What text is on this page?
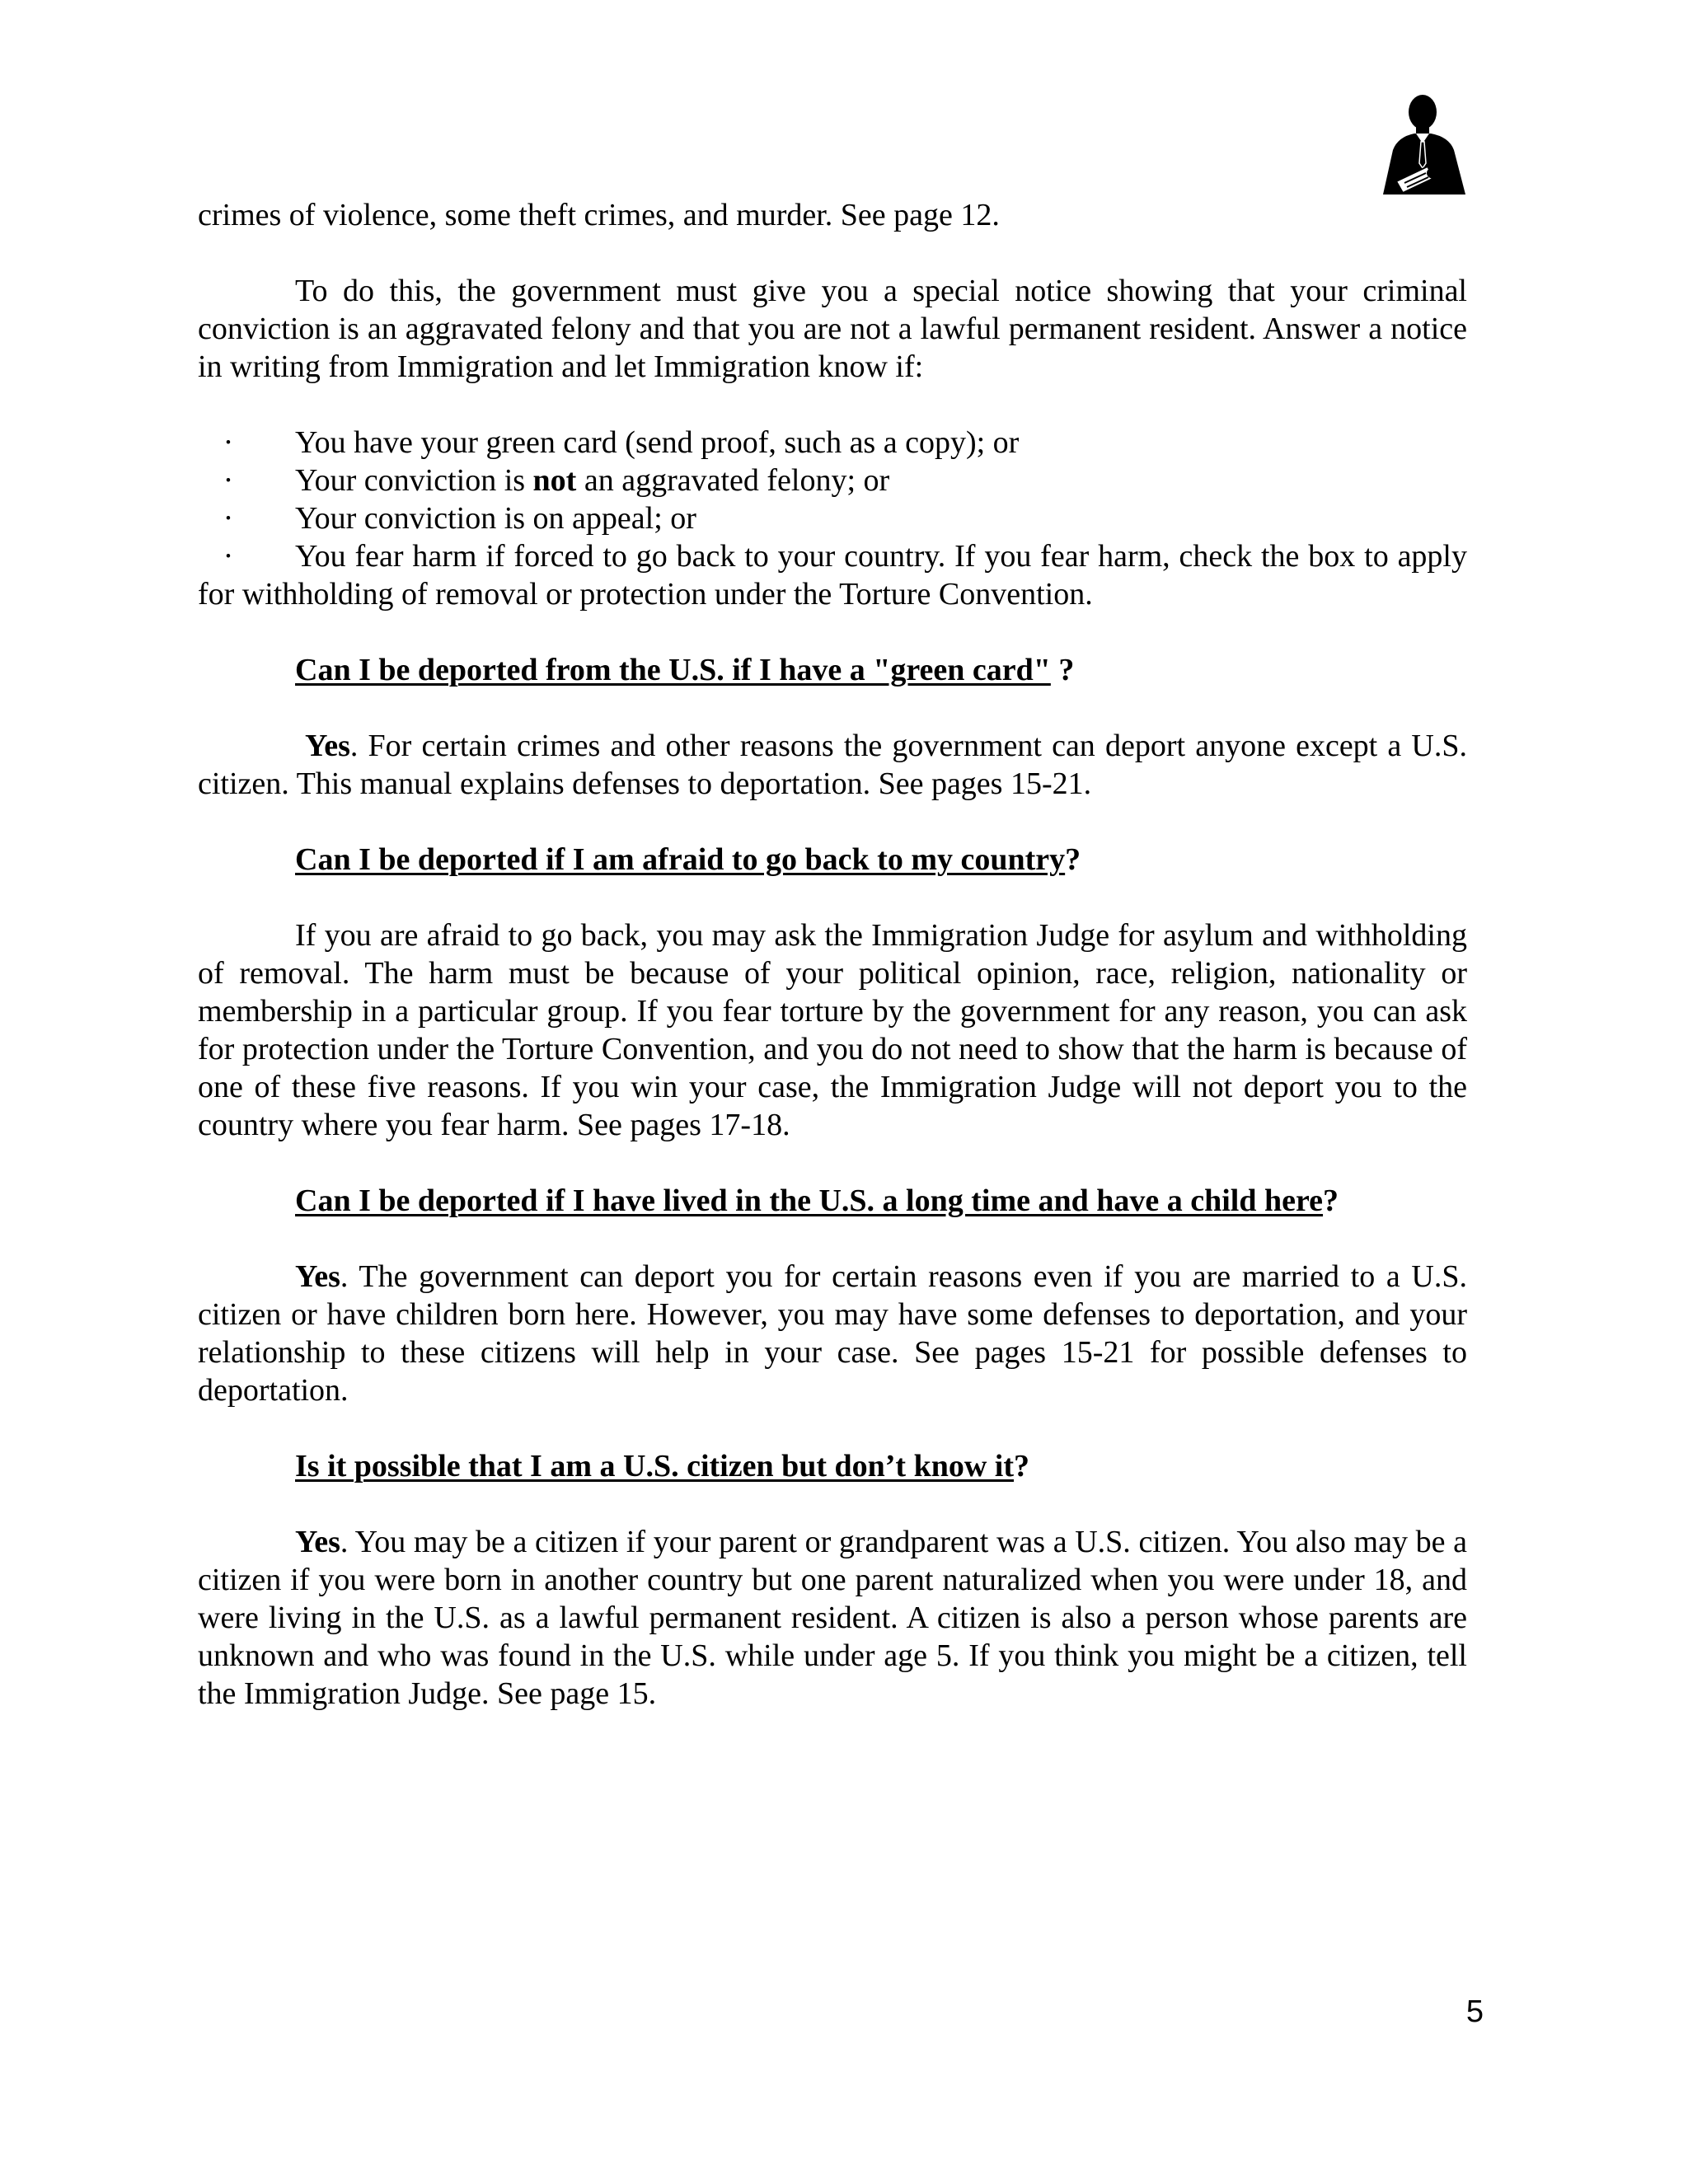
crimes of violence, some theft crimes, and murder. See page 12.

To do this, the government must give you a special notice showing that your criminal conviction is an aggravated felony and that you are not a lawful permanent resident. Answer a notice in writing from Immigration and let Immigration know if:

· You have your green card (send proof, such as a copy); or
· Your conviction is not an aggravated felony; or
· Your conviction is on appeal; or
· You fear harm if forced to go back to your country. If you fear harm, check the box to apply for withholding of removal or protection under the Torture Convention.

Can I be deported from the U.S. if I have a "green card" ?

Yes. For certain crimes and other reasons the government can deport anyone except a U.S. citizen. This manual explains defenses to deportation. See pages 15-21.

Can I be deported if I am afraid to go back to my country?

If you are afraid to go back, you may ask the Immigration Judge for asylum and withholding of removal. The harm must be because of your political opinion, race, religion, nationality or membership in a particular group. If you fear torture by the government for any reason, you can ask for protection under the Torture Convention, and you do not need to show that the harm is because of one of these five reasons. If you win your case, the Immigration Judge will not deport you to the country where you fear harm. See pages 17-18.

Can I be deported if I have lived in the U.S. a long time and have a child here?

Yes. The government can deport you for certain reasons even if you are married to a U.S. citizen or have children born here. However, you may have some defenses to deportation, and your relationship to these citizens will help in your case. See pages 15-21 for possible defenses to deportation.

Is it possible that I am a U.S. citizen but don’t know it?

Yes. You may be a citizen if your parent or grandparent was a U.S. citizen. You also may be a citizen if you were born in another country but one parent naturalized when you were under 18, and were living in the U.S. as a lawful permanent resident. A citizen is also a person whose parents are unknown and who was found in the U.S. while under age 5. If you think you might be a citizen, tell the Immigration Judge. See page 15.

5
